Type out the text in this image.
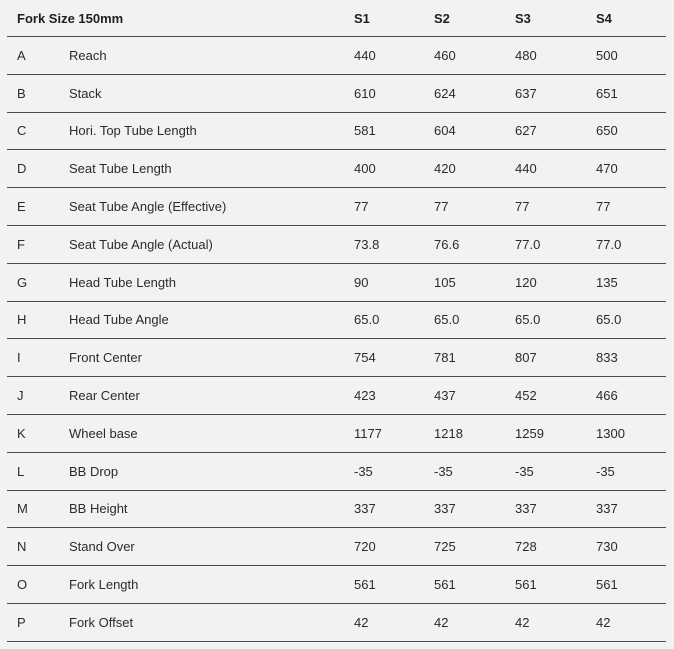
Fork Size 150mm	S1	S2	S3	S4
A	Reach	440	460	480	500
B	Stack	610	624	637	651
C	Hori. Top Tube Length	581	604	627	650
D	Seat Tube Length	400	420	440	470
E	Seat Tube Angle (Effective)	77	77	77	77
F	Seat Tube Angle (Actual)	73.8	76.6	77.0	77.0
G	Head Tube Length	90	105	120	135
H	Head Tube Angle	65.0	65.0	65.0	65.0
I	Front Center	754	781	807	833
J	Rear Center	423	437	452	466
K	Wheel base	1177	1218	1259	1300
L	BB Drop	-35	-35	-35	-35
M	BB Height	337	337	337	337
N	Stand Over	720	725	728	730
O	Fork Length	561	561	561	561
P	Fork Offset	42	42	42	42
